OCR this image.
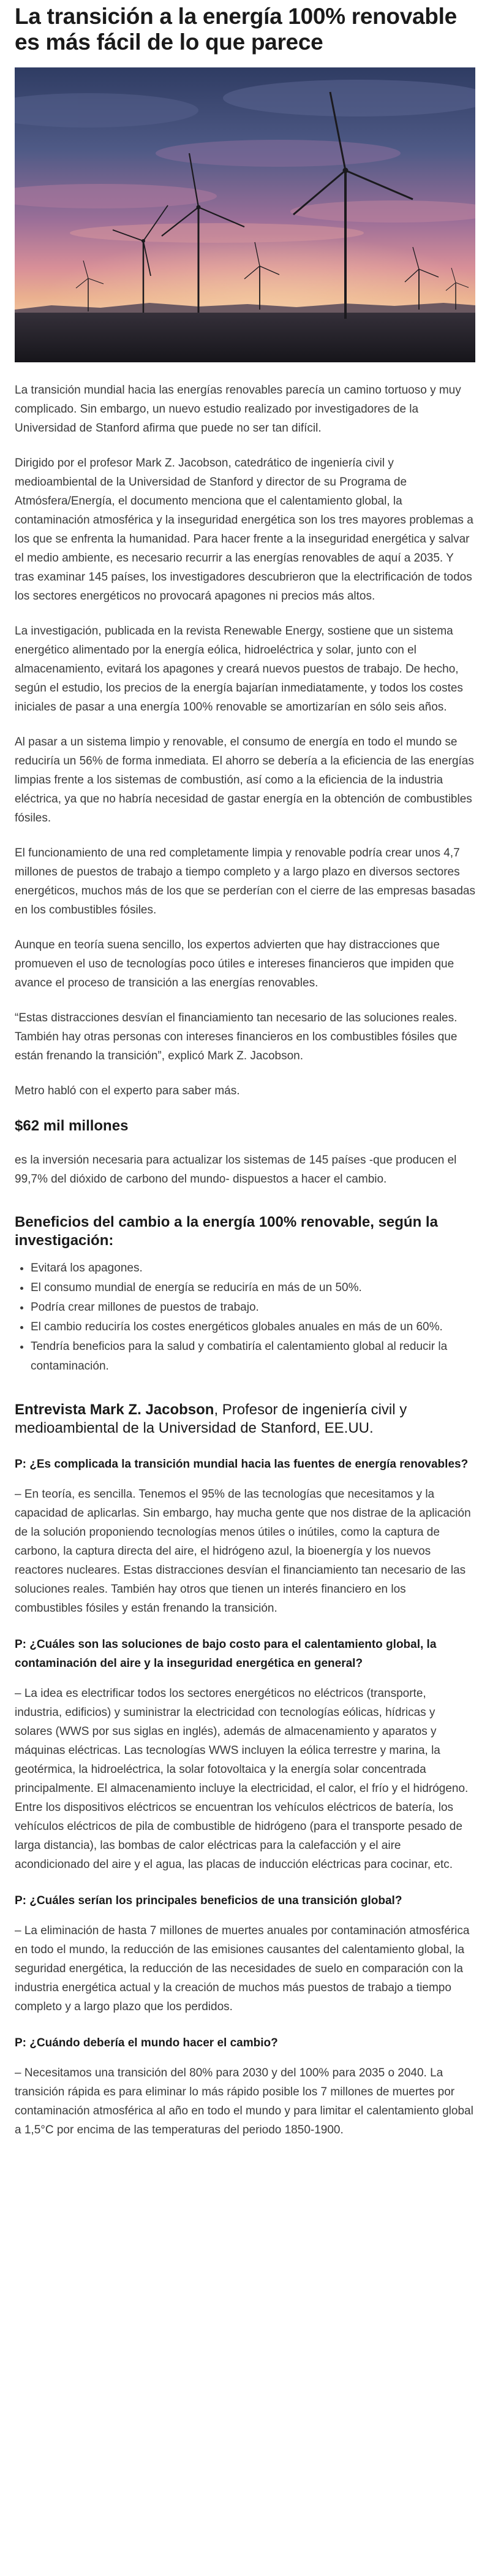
La transición a la energía 100% renovable es más fácil de lo que parece

La transición mundial hacia las energías renovables parecía un camino tortuoso y muy complicado. Sin embargo, un nuevo estudio realizado por investigadores de la Universidad de Stanford afirma que puede no ser tan difícil.

Dirigido por el profesor Mark Z. Jacobson, catedrático de ingeniería civil y medioambiental de la Universidad de Stanford y director de su Programa de Atmósfera/Energía, el documento menciona que el calentamiento global, la contaminación atmosférica y la inseguridad energética son los tres mayores problemas a los que se enfrenta la humanidad. Para hacer frente a la inseguridad energética y salvar el medio ambiente, es necesario recurrir a las energías renovables de aquí a 2035. Y tras examinar 145 países, los investigadores descubrieron que la electrificación de todos los sectores energéticos no provocará apagones ni precios más altos.

La investigación, publicada en la revista Renewable Energy, sostiene que un sistema energético alimentado por la energía eólica, hidroeléctrica y solar, junto con el almacenamiento, evitará los apagones y creará nuevos puestos de trabajo. De hecho, según el estudio, los precios de la energía bajarían inmediatamente, y todos los costes iniciales de pasar a una energía 100% renovable se amortizarían en sólo seis años.

Al pasar a un sistema limpio y renovable, el consumo de energía en todo el mundo se reduciría un 56% de forma inmediata. El ahorro se debería a la eficiencia de las energías limpias frente a los sistemas de combustión, así como a la eficiencia de la industria eléctrica, ya que no habría necesidad de gastar energía en la obtención de combustibles fósiles.

El funcionamiento de una red completamente limpia y renovable podría crear unos 4,7 millones de puestos de trabajo a tiempo completo y a largo plazo en diversos sectores energéticos, muchos más de los que se perderían con el cierre de las empresas basadas en los combustibles fósiles.

Aunque en teoría suena sencillo, los expertos advierten que hay distracciones que promueven el uso de tecnologías poco útiles e intereses financieros que impiden que avance el proceso de transición a las energías renovables.

“Estas distracciones desvían el financiamiento tan necesario de las soluciones reales. También hay otras personas con intereses financieros en los combustibles fósiles que están frenando la transición”, explicó Mark Z. Jacobson.

Metro habló con el experto para saber más.

$62 mil millones

es la inversión necesaria para actualizar los sistemas de 145 países -que producen el 99,7% del dióxido de carbono del mundo- dispuestos a hacer el cambio.

Beneficios del cambio a la energía 100% renovable, según la investigación:
• Evitará los apagones.
• El consumo mundial de energía se reduciría en más de un 50%.
• Podría crear millones de puestos de trabajo.
• El cambio reduciría los costes energéticos globales anuales en más de un 60%.
• Tendría beneficios para la salud y combatiría el calentamiento global al reducir la contaminación.
Entrevista Mark Z. Jacobson, Profesor de ingeniería civil y medioambiental de la Universidad de Stanford, EE.UU.

P: ¿Es complicada la transición mundial hacia las fuentes de energía renovables?

– En teoría, es sencilla. Tenemos el 95% de las tecnologías que necesitamos y la capacidad de aplicarlas. Sin embargo, hay mucha gente que nos distrae de la aplicación de la solución proponiendo tecnologías menos útiles o inútiles, como la captura de carbono, la captura directa del aire, el hidrógeno azul, la bioenergía y los nuevos reactores nucleares. Estas distracciones desvían el financiamiento tan necesario de las soluciones reales. También hay otros que tienen un interés financiero en los combustibles fósiles y están frenando la transición.

P: ¿Cuáles son las soluciones de bajo costo para el calentamiento global, la contaminación del aire y la inseguridad energética en general?

– La idea es electrificar todos los sectores energéticos no eléctricos (transporte, industria, edificios) y suministrar la electricidad con tecnologías eólicas, hídricas y solares (WWS por sus siglas en inglés), además de almacenamiento y aparatos y máquinas eléctricas. Las tecnologías WWS incluyen la eólica terrestre y marina, la geotérmica, la hidroeléctrica, la solar fotovoltaica y la energía solar concentrada principalmente. El almacenamiento incluye la electricidad, el calor, el frío y el hidrógeno. Entre los dispositivos eléctricos se encuentran los vehículos eléctricos de batería, los vehículos eléctricos de pila de combustible de hidrógeno (para el transporte pesado de larga distancia), las bombas de calor eléctricas para la calefacción y el aire acondicionado del aire y el agua, las placas de inducción eléctricas para cocinar, etc.

P: ¿Cuáles serían los principales beneficios de una transición global?

– La eliminación de hasta 7 millones de muertes anuales por contaminación atmosférica en todo el mundo, la reducción de las emisiones causantes del calentamiento global, la seguridad energética, la reducción de las necesidades de suelo en comparación con la industria energética actual y la creación de muchos más puestos de trabajo a tiempo completo y a largo plazo que los perdidos.

P: ¿Cuándo debería el mundo hacer el cambio?

– Necesitamos una transición del 80% para 2030 y del 100% para 2035 o 2040. La transición rápida es para eliminar lo más rápido posible los 7 millones de muertes por contaminación atmosférica al año en todo el mundo y para limitar el calentamiento global a 1,5°C por encima de las temperaturas del periodo 1850-1900.
